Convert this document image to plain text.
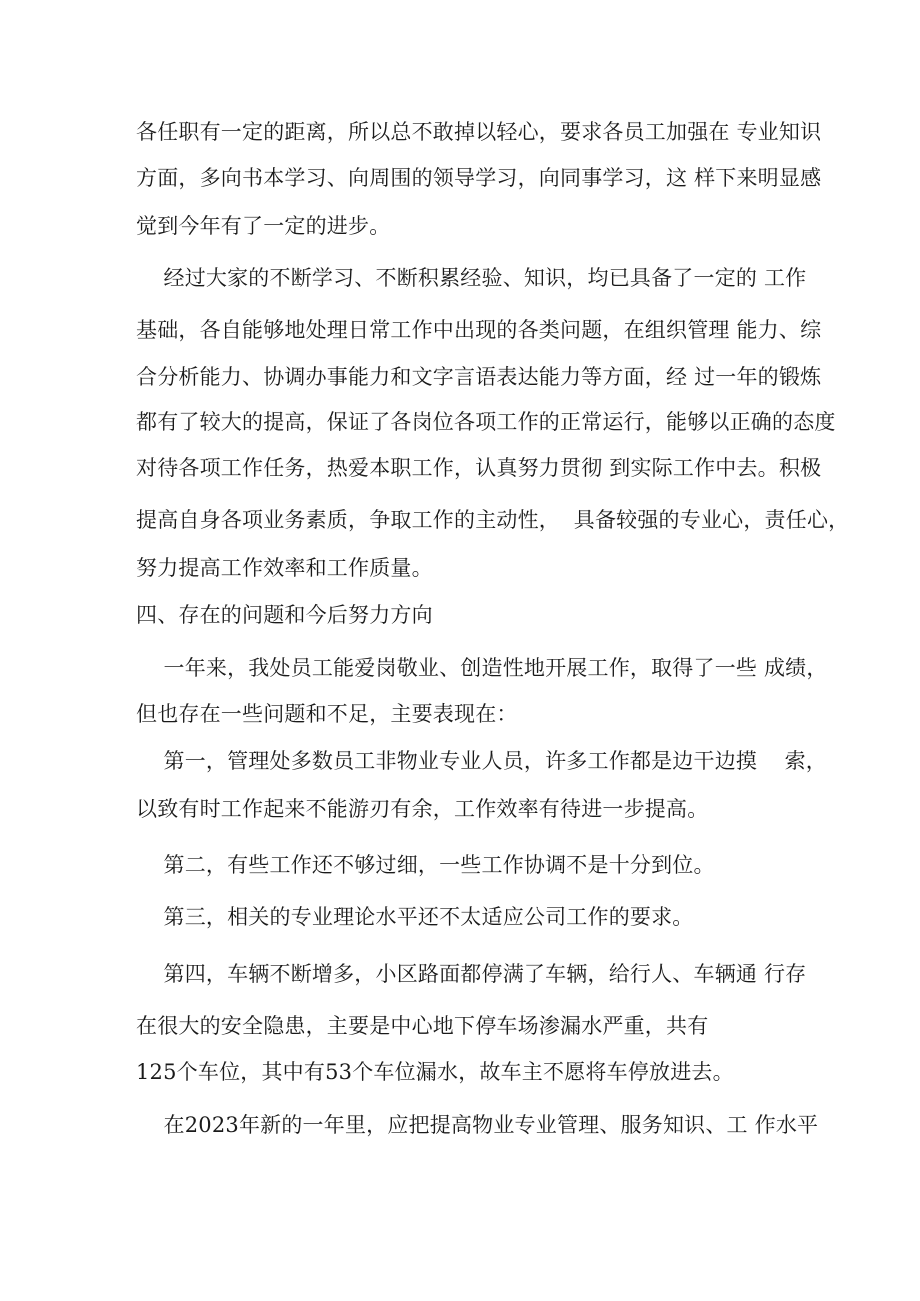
各任职有一定的距离，所以总不敢掉以轻心，要求各员工加强在 专业知识
方面，多向书本学习、向周围的领导学习，向同事学习，这 样下来明显感
觉到今年有了一定的进步。
经过大家的不断学习、不断积累经验、知识，均已具备了一定的 工作
基础，各自能够地处理日常工作中出现的各类问题，在组织管理 能力、综
合分析能力、协调办事能力和文字言语表达能力等方面，经 过一年的锻炼
都有了较大的提高，保证了各岗位各项工作的正常运行，能够以正确的态度
对待各项工作任务，热爱本职工作，认真努力贯彻 到实际工作中去。积极
提高自身各项业务素质，争取工作的主动性，  具备较强的专业心，责任心，
努力提高工作效率和工作质量。
四、存在的问题和今后努力方向
一年来，我处员工能爱岗敬业、创造性地开展工作，取得了一些 成绩，
但也存在一些问题和不足，主要表现在：
第一，管理处多数员工非物业专业人员，许多工作都是边干边摸    索，
以致有时工作起来不能游刃有余，工作效率有待进一步提高。
第二，有些工作还不够过细，一些工作协调不是十分到位。
第三，相关的专业理论水平还不太适应公司工作的要求。
第四，车辆不断增多，小区路面都停满了车辆，给行人、车辆通 行存
在很大的安全隐患，主要是中心地下停车场渗漏水严重，共有
125个车位，其中有53个车位漏水，故车主不愿将车停放进去。
在2023年新的一年里，应把提高物业专业管理、服务知识、工 作水平
